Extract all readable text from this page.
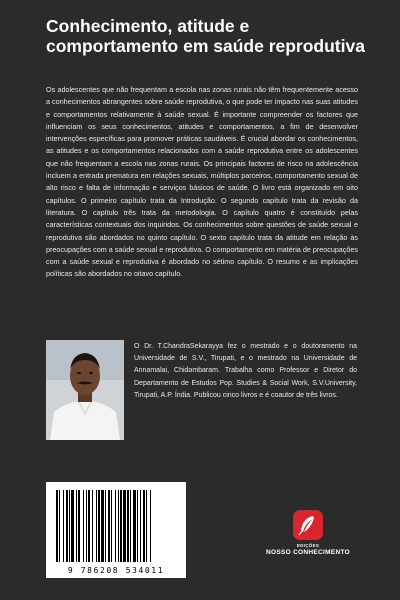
Conhecimento, atitude e comportamento em saúde reprodutiva
Os adolescentes que não frequentam a escola nas zonas rurais não têm frequentemente acesso a conhecimentos abrangentes sobre saúde reprodutiva, o que pode ter impacto nas suas atitudes e comportamentos relativamente à saúde sexual. É importante compreender os factores que influenciam os seus conhecimentos, atitudes e comportamentos, a fim de desenvolver intervenções específicas para promover práticas saudáveis. É crucial abordar os conhecimentos, as atitudes e os comportamentos relacionados com a saúde reprodutiva entre os adolescentes que não frequentam a escola nas zonas rurais. Os principais factores de risco na adolescência incluem a entrada prematura em relações sexuais, múltiplos parceiros, comportamento sexual de alto risco e falta de informação e serviços básicos de saúde. O livro está organizado em oito capítulos. O primeiro capítulo trata da Introdução. O segundo capítulo trata da revisão da literatura. O capítulo três trata da metodologia. O capítulo quatro é constituído pelas características contextuais dos inquiridos. Os conhecimentos sobre questões de saúde sexual e reprodutiva são abordados no quinto capítulo. O sexto capítulo trata da atitude em relação às preocupações com a saúde sexual e reprodutiva. O comportamento em matéria de preocupações com a saúde sexual e reprodutiva é abordado no sétimo capítulo. O resumo e as implicações políticas são abordados no oitavo capítulo.
O Dr. T.ChandraSekarayya fez o mestrado e o doutoramento na Universidade de S.V., Tirupati, e o mestrado na Universidade de Annamalai, Chidambaram. Trabalha como Professor e Diretor do Departamento de Estudos Pop. Studies & Social Work, S.V.University, Tirupati, A.P. Índia. Publicou cinco livros e é coautor de três livros.
9 786208 534011
EDIÇÕES
NOSSO CONHECIMENTO
